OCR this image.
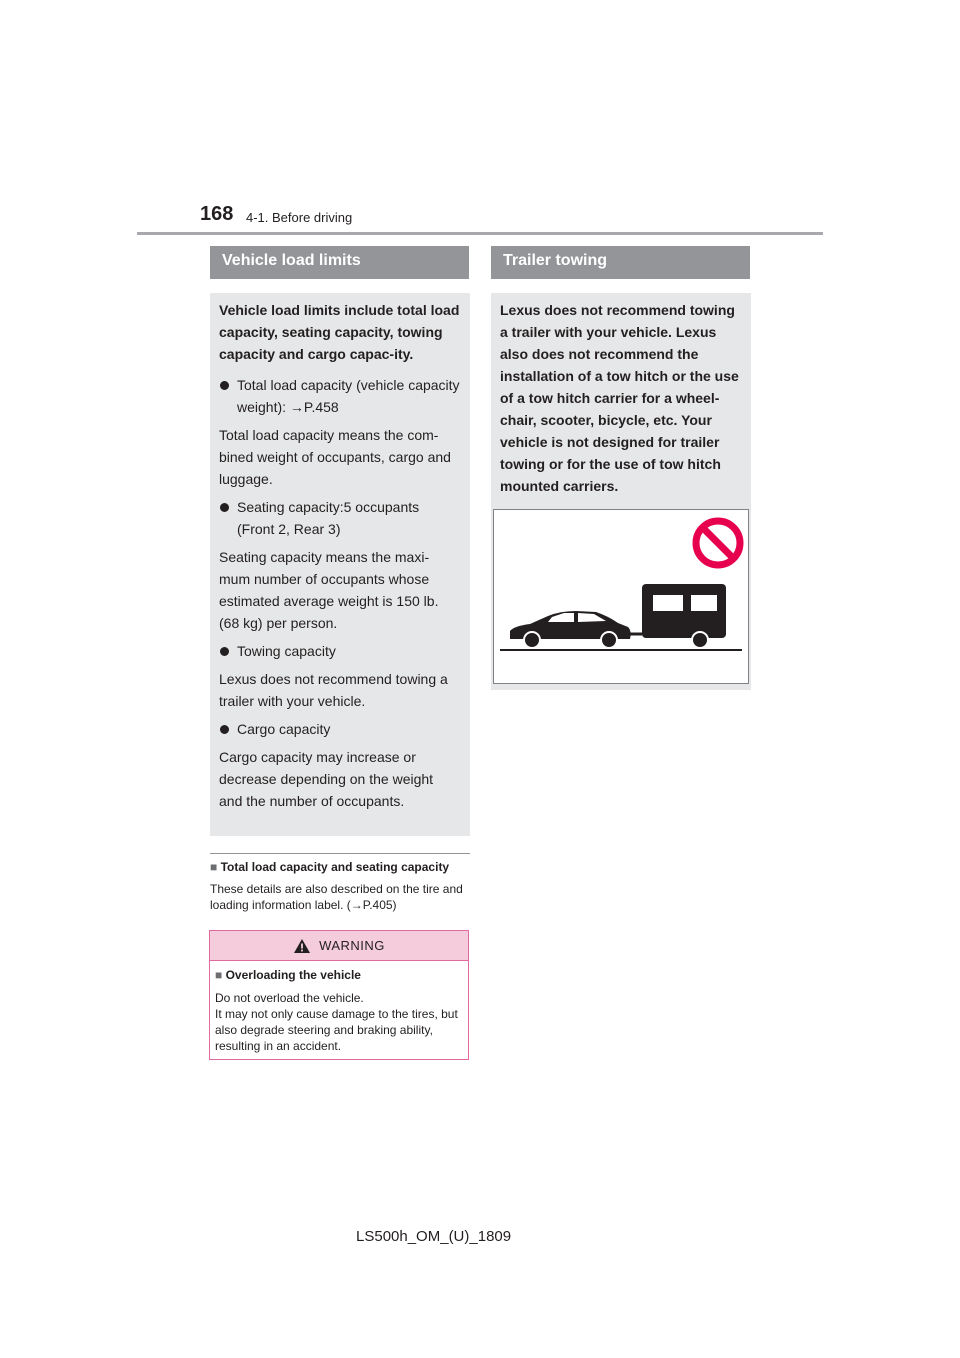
168 4-1. Before driving
Vehicle load limits	Trailer towing

Vehicle load limits include total load capacity, seating capacity, towing capacity and cargo capac-ity.

Total load capacity (vehicle capacity weight): →P.458

Total load capacity means the com-bined weight of occupants, cargo and luggage.

Seating capacity:5 occupants (Front 2, Rear 3)

Seating capacity means the maxi-mum number of occupants whose estimated average weight is 150 lb. (68 kg) per person.

Towing capacity

Lexus does not recommend towing a trailer with your vehicle.

Cargo capacity

Cargo capacity may increase or decrease depending on the weight and the number of occupants.

Lexus does not recommend towing a trailer with your vehicle. Lexus also does not recommend the installation of a tow hitch or the use of a tow hitch carrier for a wheel-chair, scooter, bicycle, etc. Your vehicle is not designed for trailer towing or for the use of tow hitch mounted carriers.

■ Total load capacity and seating capacity

These details are also described on the tire and loading information label. (→P.405)

WARNING
■ Overloading the vehicle

Do not overload the vehicle.

It may not only cause damage to the tires, but also degrade steering and braking ability, resulting in an accident.

LS500h_OM_(U)_1809
